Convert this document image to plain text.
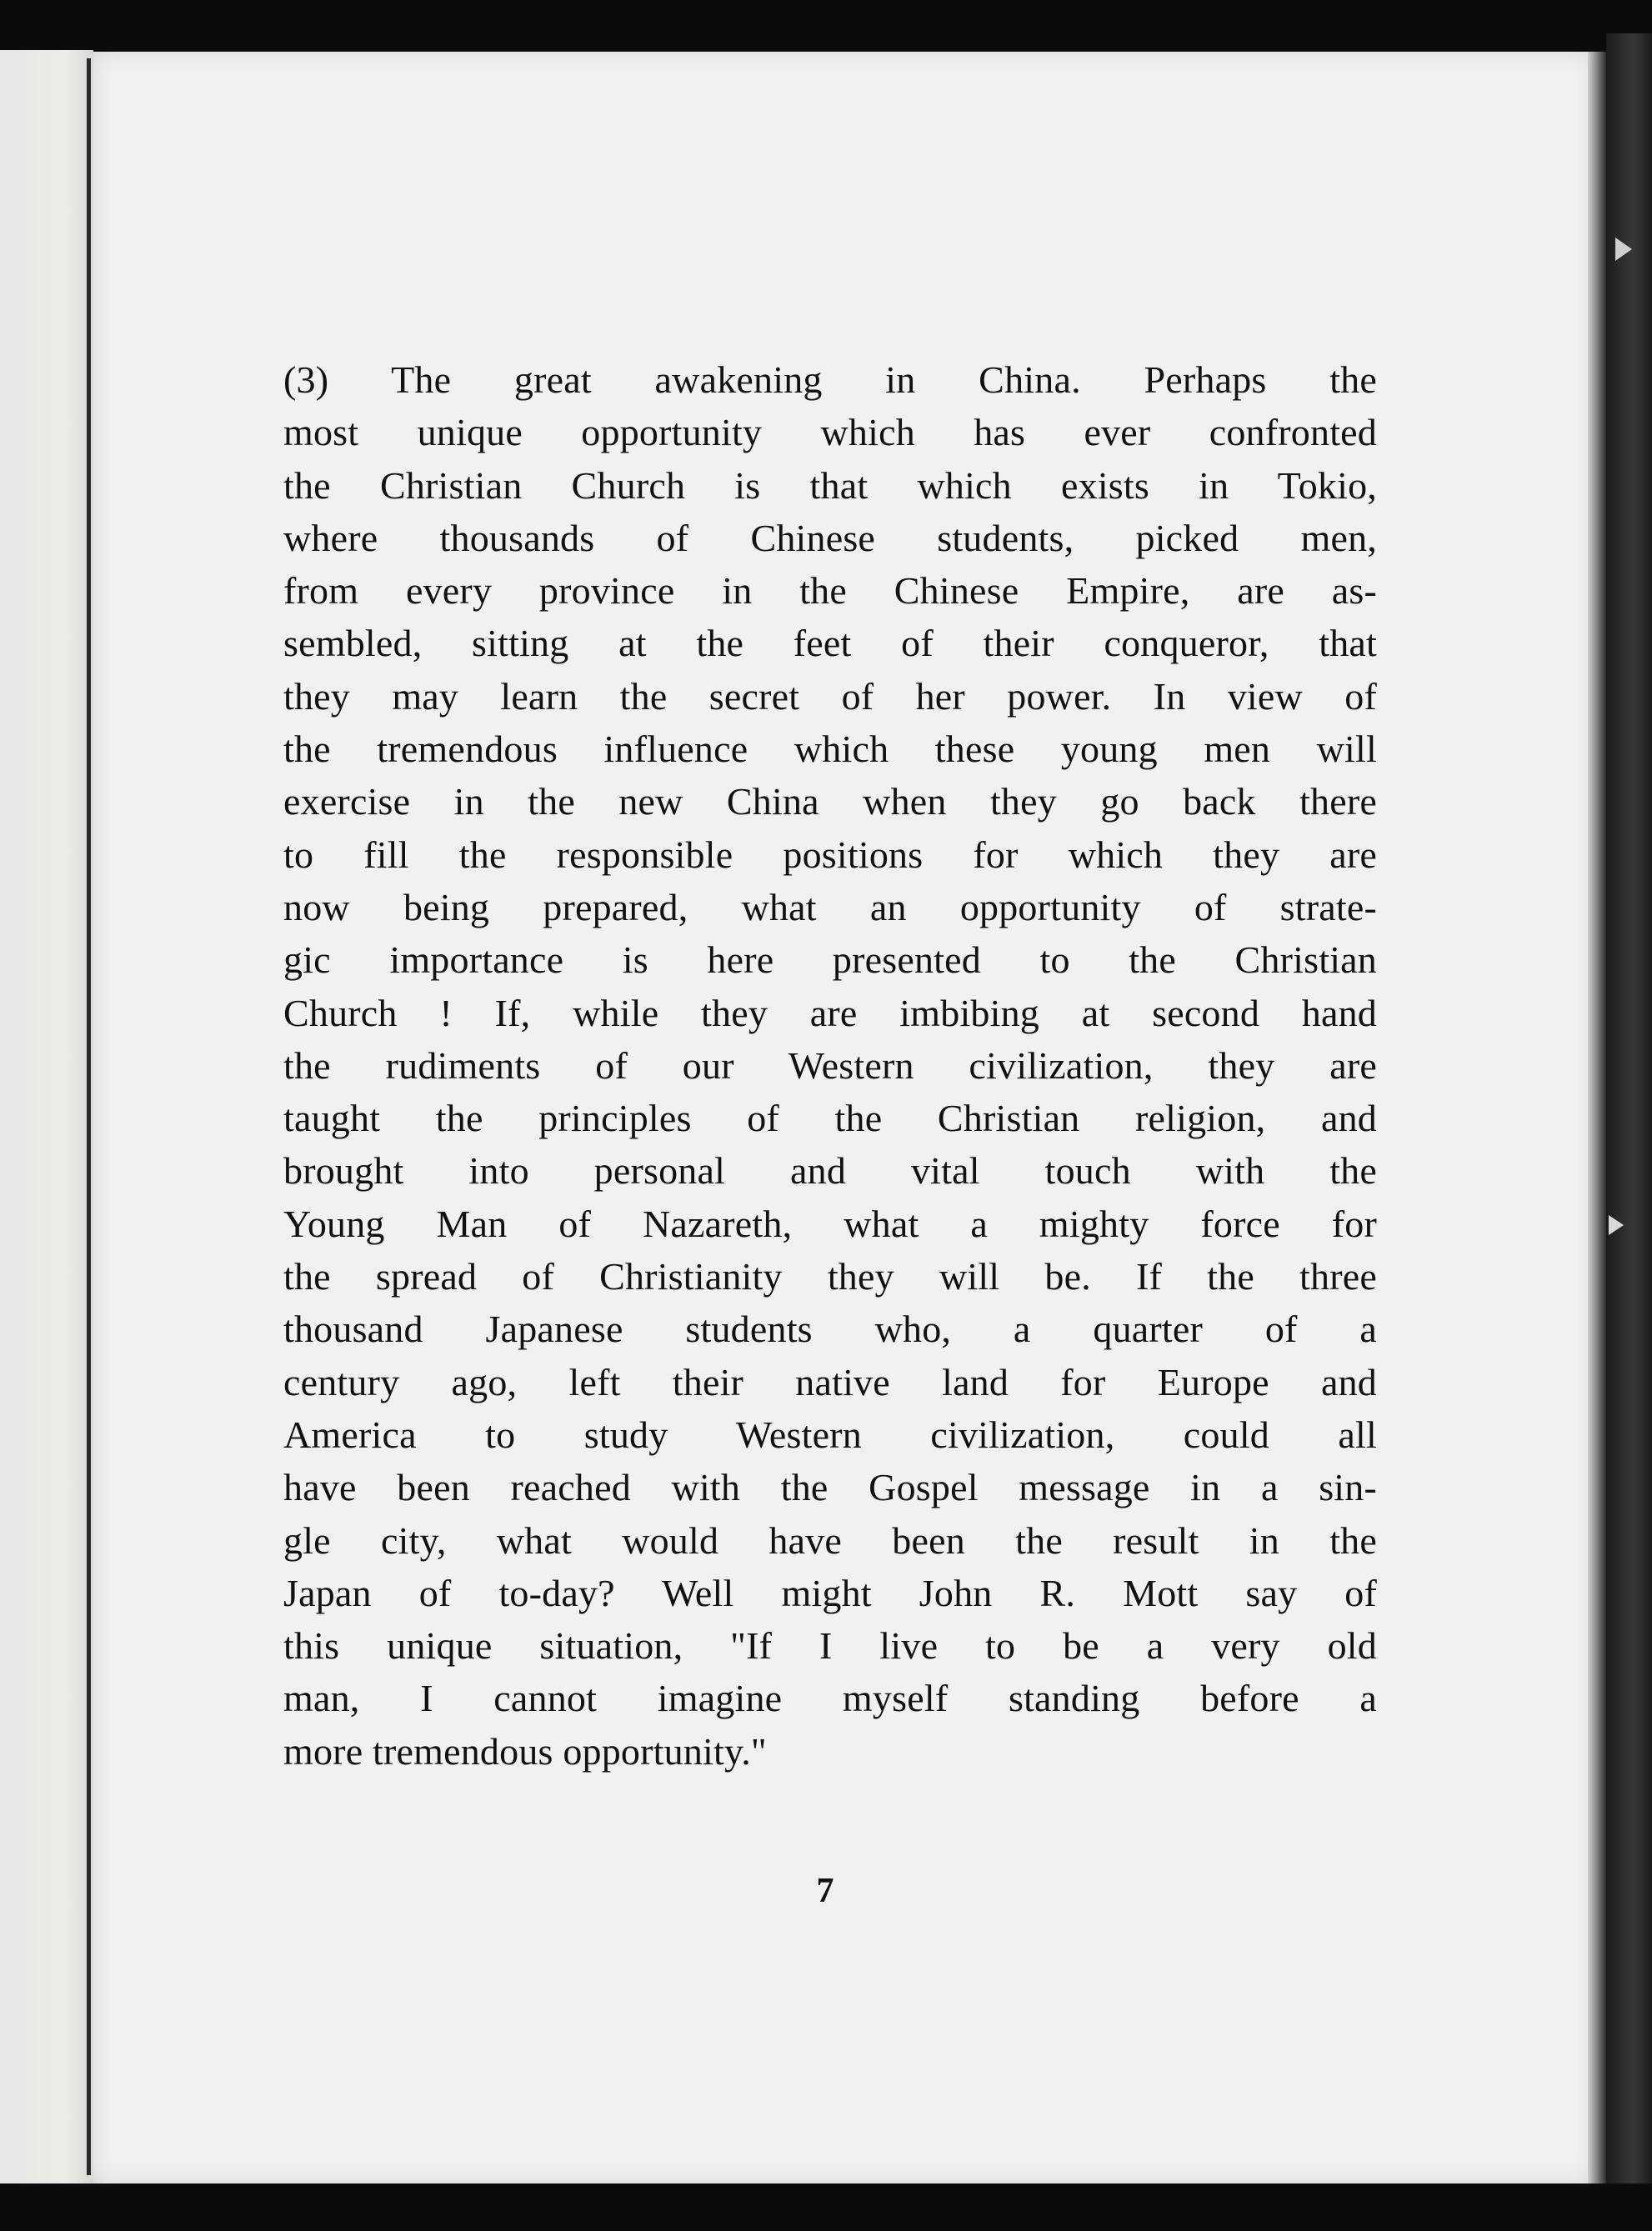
(3) The great awakening in China. Perhaps the
most unique opportunity which has ever confronted
the Christian Church is that which exists in Tokio,
where thousands of Chinese students, picked men,
from every province in the Chinese Empire, are as-
sembled, sitting at the feet of their conqueror, that
they may learn the secret of her power. In view of
the tremendous influence which these young men will
exercise in the new China when they go back there
to fill the responsible positions for which they are
now being prepared, what an opportunity of strate-
gic importance is here presented to the Christian
Church ! If, while they are imbibing at second hand
the rudiments of our Western civilization, they are
taught the principles of the Christian religion, and
brought into personal and vital touch with the
Young Man of Nazareth, what a mighty force for
the spread of Christianity they will be. If the three
thousand Japanese students who, a quarter of a
century ago, left their native land for Europe and
America to study Western civilization, could all
have been reached with the Gospel message in a sin-
gle city, what would have been the result in the
Japan of to-day? Well might John R. Mott say of
this unique situation, "If I live to be a very old
man, I cannot imagine myself standing before a
more tremendous opportunity."
7
